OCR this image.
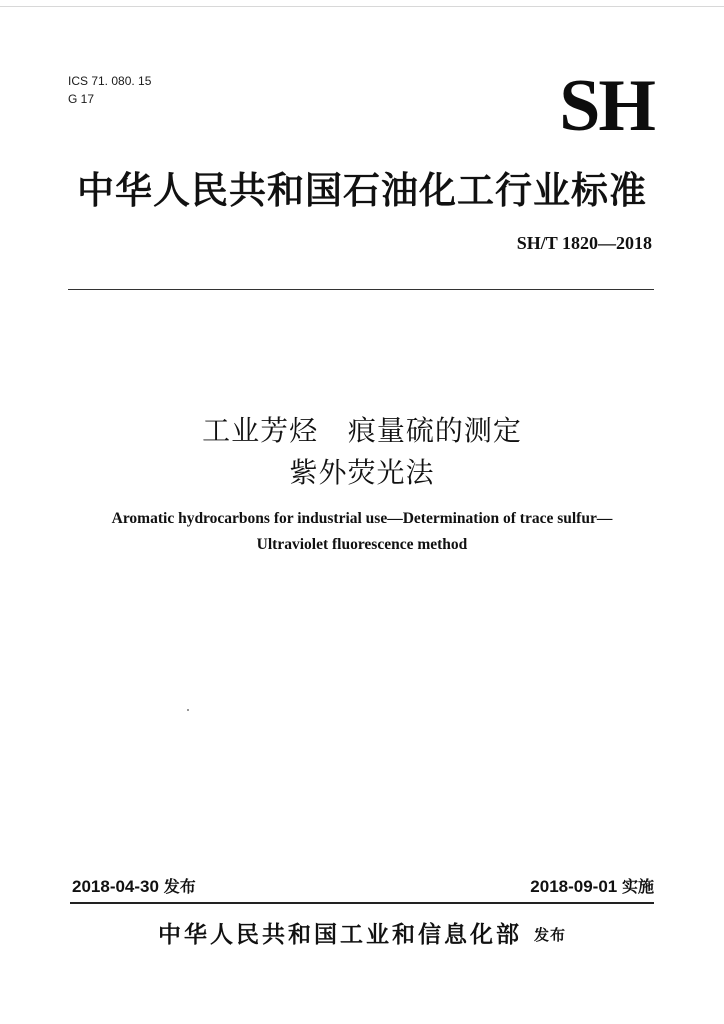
ICS 71. 080. 15
G 17	SH
中华人民共和国石油化工行业标准
SH/T 1820—2018
工业芳烃   痕量硫的测定
紫外荧光法
Aromatic hydrocarbons for industrial use—Determination of trace sulfur—
Ultraviolet fluorescence method
2018-04-30 发布	2018-09-01 实施
中华人民共和国工业和信息化部 发布
